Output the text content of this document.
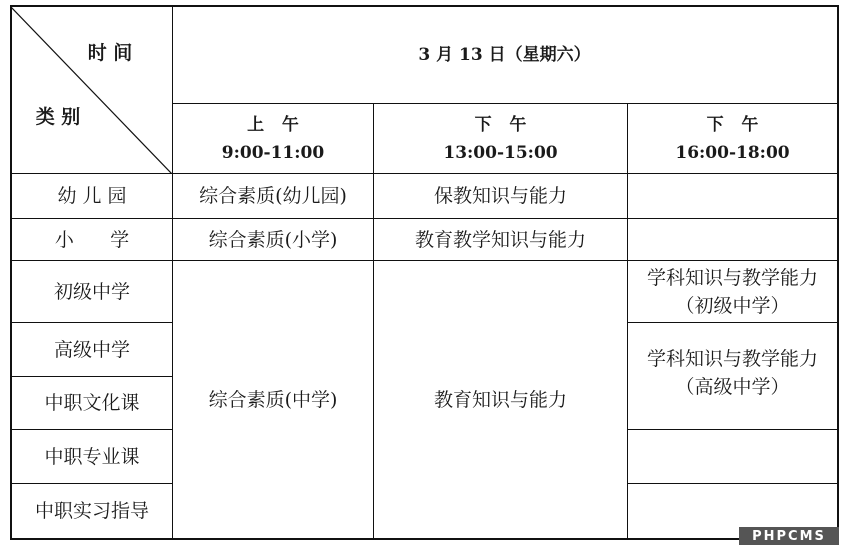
时 间
类 别
3 月 13 日（星期六）
上   午
9:00-11:00
下   午
13:00-15:00
下   午
16:00-18:00
幼 儿 园
小      学
初级中学
高级中学
中职文化课
中职专业课
中职实习指导
综合素质(幼儿园)
综合素质(小学)
综合素质(中学)
保教知识与能力
教育教学知识与能力
教育知识与能力
学科知识与教学能力
（初级中学）
学科知识与教学能力
（高级中学）
PHPCMS
